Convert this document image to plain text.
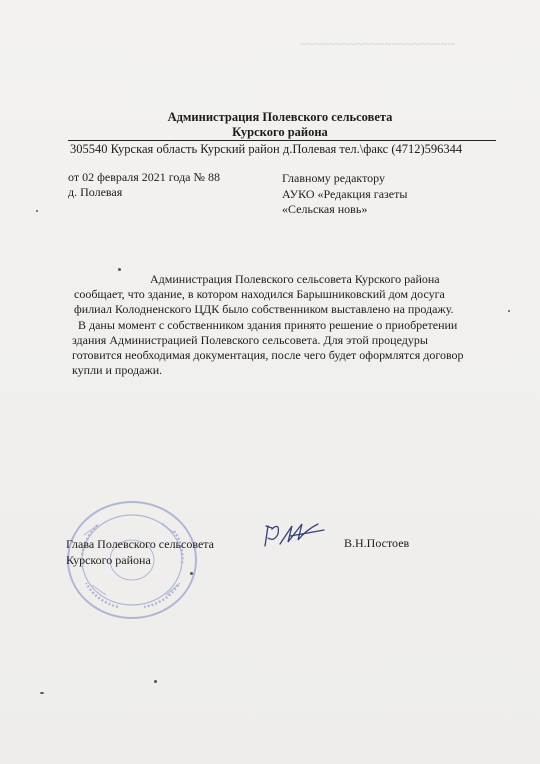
~~~~~~~~~~~~~~~~~~~~~~
Администрация Полевского сельсовета
Курского района
305540 Курская область Курский район д.Полевая тел.\факс (4712)596344
от 02 февраля 2021 года № 88
д. Полевая
Главному редактору
АУКО «Редакция газеты
«Сельская новь»
Администрация Полевского сельсовета Курского района
сообщает, что здание, в котором находился Барышниковский дом досуга
филиал Колодненского ЦДК было собственником выставлено на продажу.
В даны момент с собственником здания принято решение о приобретении
здания Администрацией Полевского сельсовета. Для этой процедуры
готовится необходимая документация, после чего будет оформлятся договор
купли и продажи.
Глава Полевского сельсовета
Курского района
В.Н.Постоев
